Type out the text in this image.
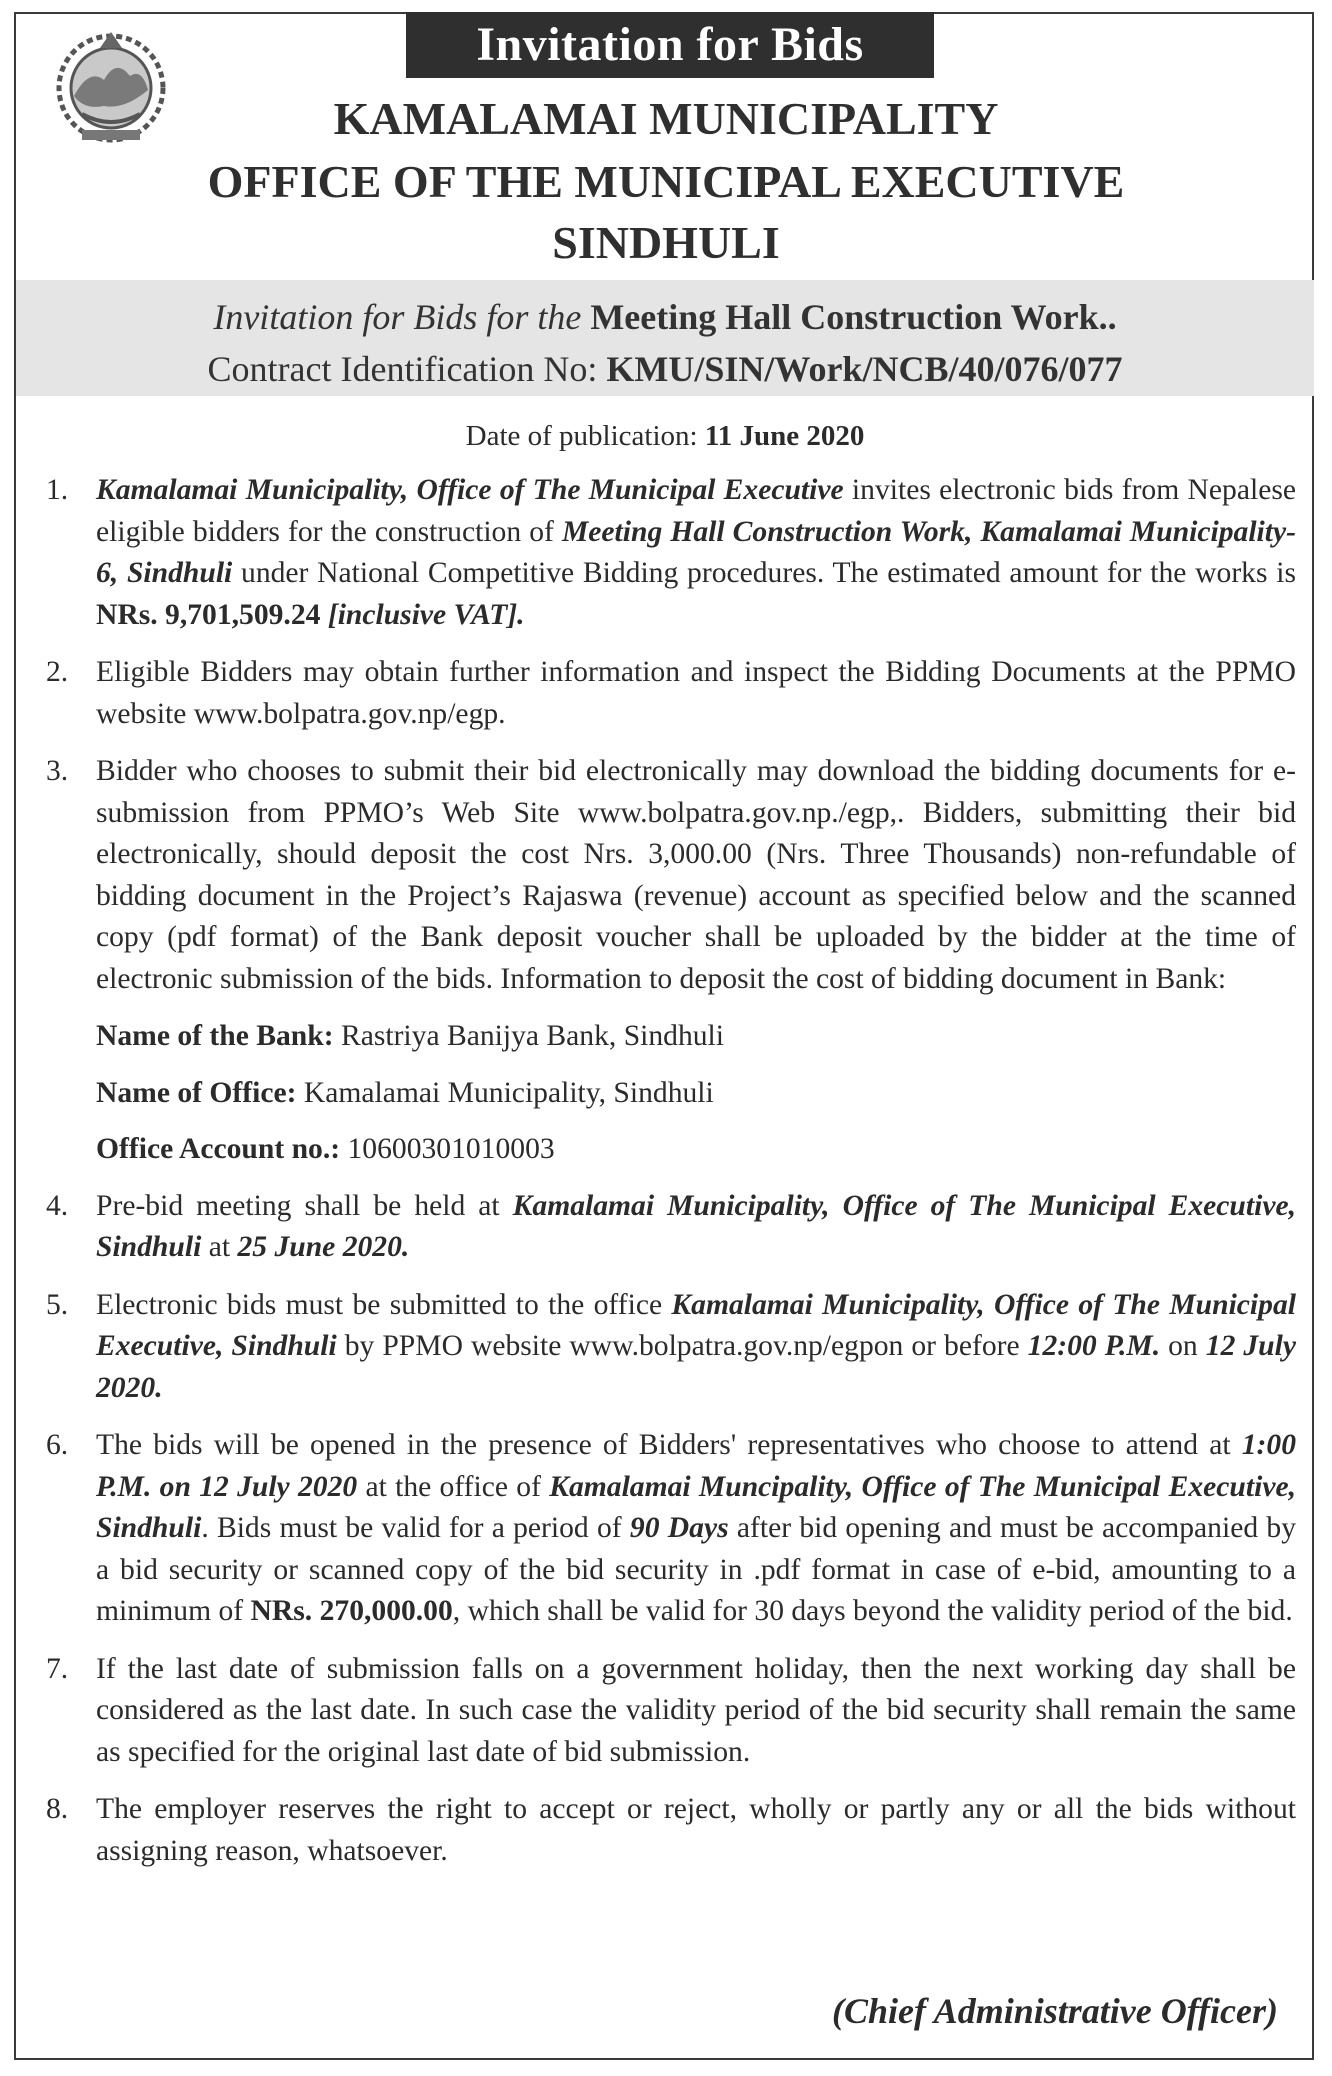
Invitation for Bids
KAMALAMAI MUNICIPALITY
OFFICE OF THE MUNICIPAL EXECUTIVE
SINDHULI
Invitation for Bids for the Meeting Hall Construction Work..
Contract Identification No: KMU/SIN/Work/NCB/40/076/077
Date of publication: 11 June 2020
1. Kamalamai Municipality, Office of The Municipal Executive invites electronic bids from Nepalese eligible bidders for the construction of Meeting Hall Construction Work, Kamalamai Municipality-6, Sindhuli under National Competitive Bidding procedures. The estimated amount for the works is NRs. 9,701,509.24 [inclusive VAT].
2. Eligible Bidders may obtain further information and inspect the Bidding Documents at the PPMO website www.bolpatra.gov.np/egp.
3. Bidder who chooses to submit their bid electronically may download the bidding documents for e-submission from PPMO’s Web Site www.bolpatra.gov.np./egp,. Bidders, submitting their bid electronically, should deposit the cost Nrs. 3,000.00 (Nrs. Three Thousands) non-refundable of bidding document in the Project’s Rajaswa (revenue) account as specified below and the scanned copy (pdf format) of the Bank deposit voucher shall be uploaded by the bidder at the time of electronic submission of the bids. Information to deposit the cost of bidding document in Bank:
Name of the Bank: Rastriya Banijya Bank, Sindhuli
Name of Office: Kamalamai Municipality, Sindhuli
Office Account no.: 10600301010003
4. Pre-bid meeting shall be held at Kamalamai Municipality, Office of The Municipal Executive, Sindhuli at 25 June 2020.
5. Electronic bids must be submitted to the office Kamalamai Municipality, Office of The Municipal Executive, Sindhuli by PPMO website www.bolpatra.gov.np/egpon or before 12:00 P.M. on 12 July 2020.
6. The bids will be opened in the presence of Bidders' representatives who choose to attend at 1:00 P.M. on 12 July 2020 at the office of Kamalamai Muncipality, Office of The Municipal Executive, Sindhuli. Bids must be valid for a period of 90 Days after bid opening and must be accompanied by a bid security or scanned copy of the bid security in .pdf format in case of e-bid, amounting to a minimum of NRs. 270,000.00, which shall be valid for 30 days beyond the validity period of the bid.
7. If the last date of submission falls on a government holiday, then the next working day shall be considered as the last date. In such case the validity period of the bid security shall remain the same as specified for the original last date of bid submission.
8. The employer reserves the right to accept or reject, wholly or partly any or all the bids without assigning reason, whatsoever.
(Chief Administrative Officer)
